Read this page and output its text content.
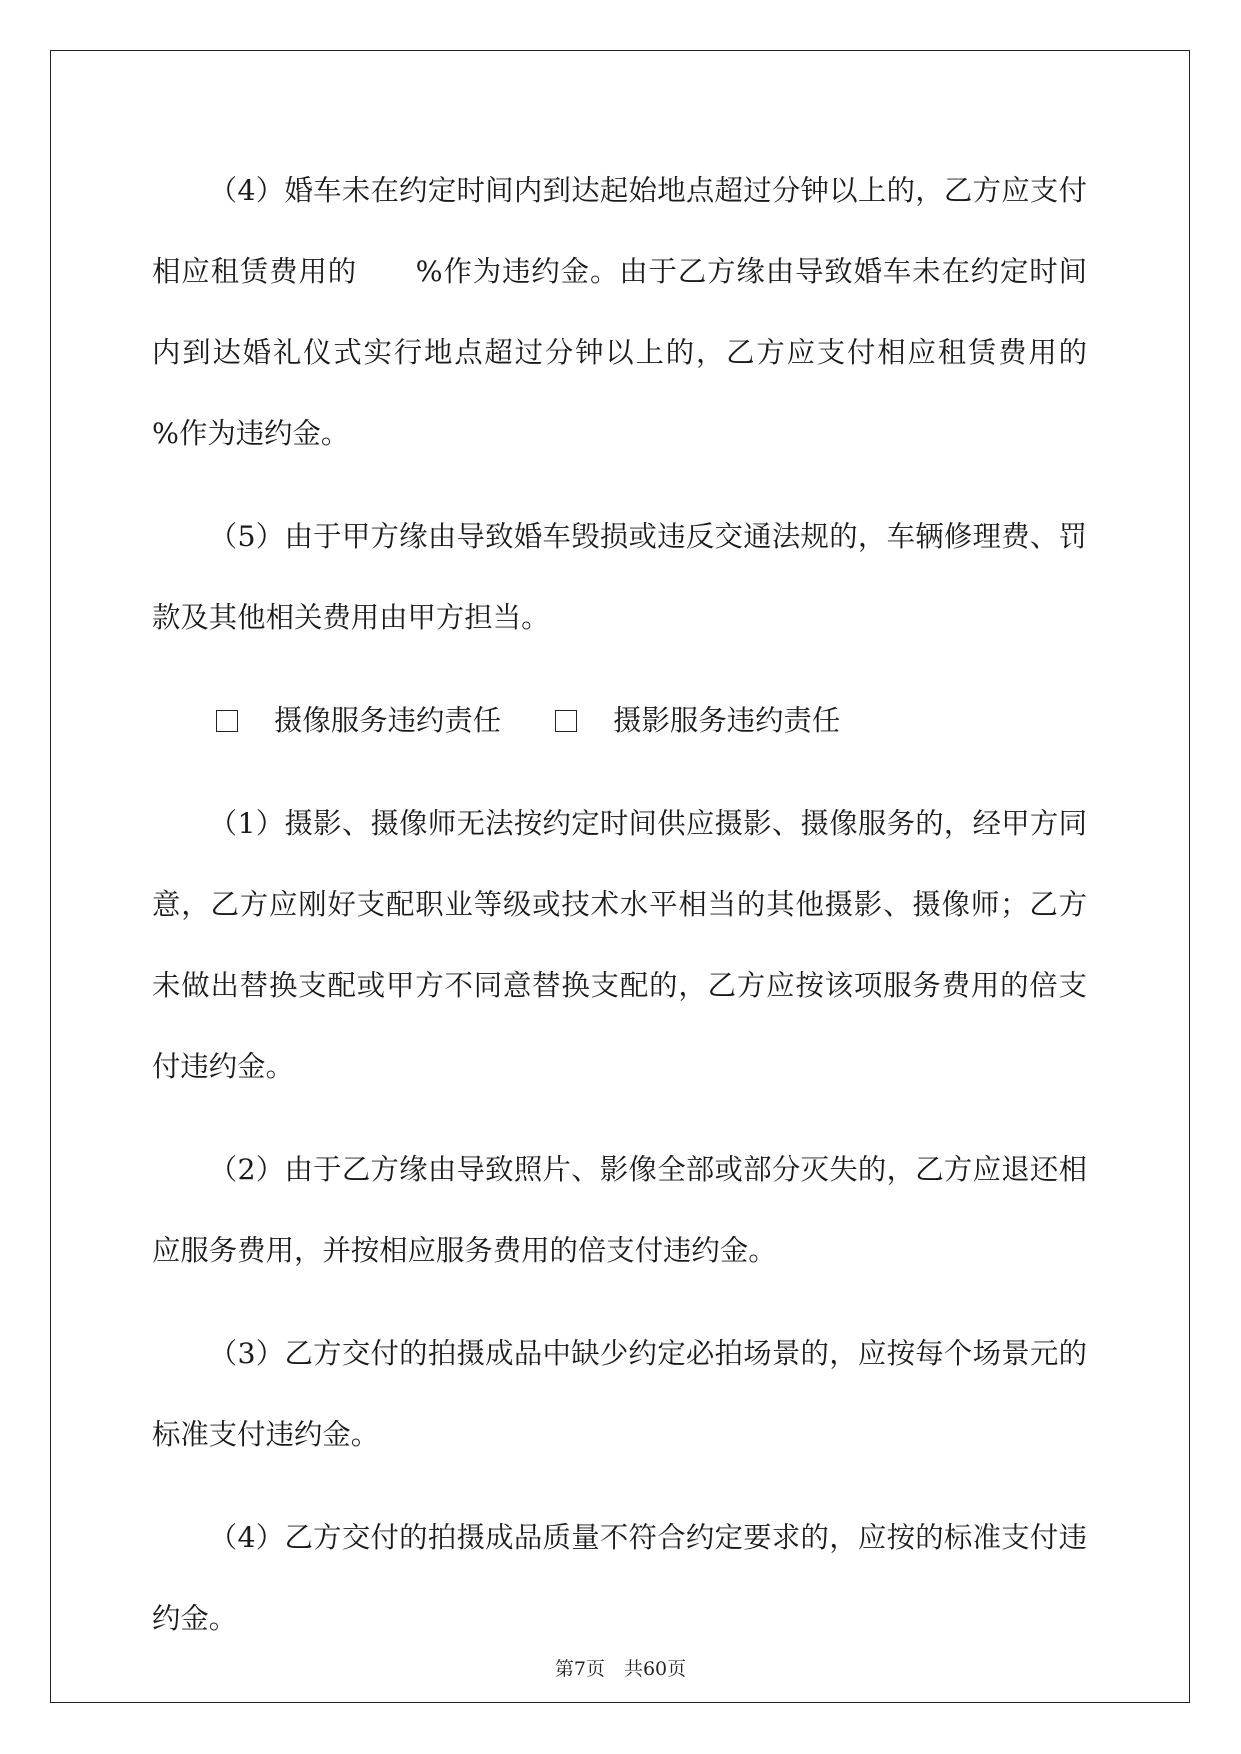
（4）婚车未在约定时间内到达起始地点超过分钟以上的，乙方应支付相应租赁费用的　　%作为违约金。由于乙方缘由导致婚车未在约定时间内到达婚礼仪式实行地点超过分钟以上的，乙方应支付相应租赁费用的　　%作为违约金。

（5）由于甲方缘由导致婚车毁损或违反交通法规的，车辆修理费、罚款及其他相关费用由甲方担当。

摄像服务违约责任	摄影服务违约责任

（1）摄影、摄像师无法按约定时间供应摄影、摄像服务的，经甲方同意，乙方应刚好支配职业等级或技术水平相当的其他摄影、摄像师；乙方未做出替换支配或甲方不同意替换支配的，乙方应按该项服务费用的倍支付违约金。

（2）由于乙方缘由导致照片、影像全部或部分灭失的，乙方应退还相应服务费用，并按相应服务费用的倍支付违约金。

（3）乙方交付的拍摄成品中缺少约定必拍场景的，应按每个场景元的标准支付违约金。

（4）乙方交付的拍摄成品质量不符合约定要求的，应按的标准支付违约金。

第7页　共60页
